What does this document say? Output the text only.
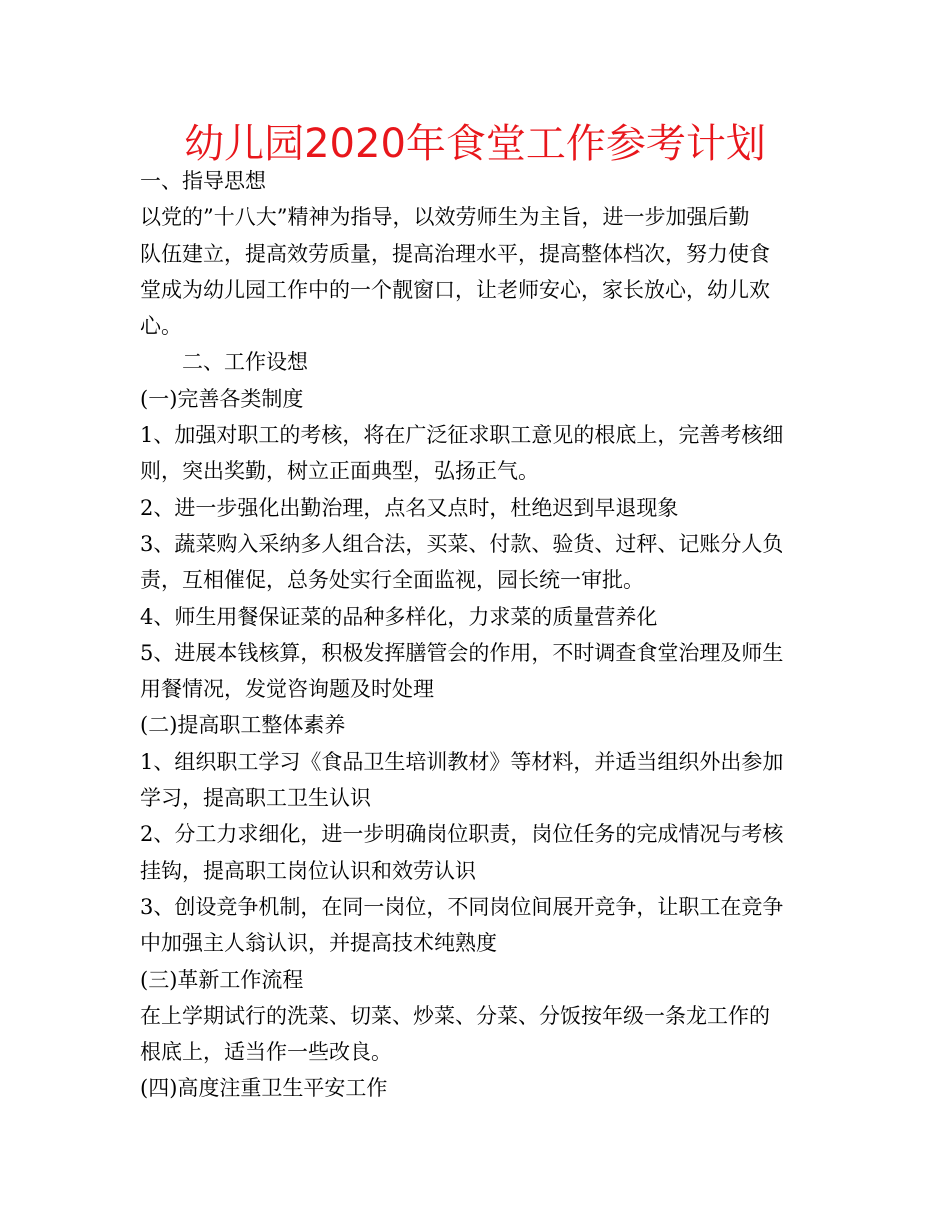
幼儿园2020年食堂工作参考计划
一、指导思想
以党的”十八大”精神为指导，以效劳师生为主旨，进一步加强后勤
队伍建立，提高效劳质量，提高治理水平，提高整体档次，努力使食
堂成为幼儿园工作中的一个靓窗口，让老师安心，家长放心，幼儿欢
心。
二、工作设想
(一)完善各类制度
1、加强对职工的考核，将在广泛征求职工意见的根底上，完善考核细
则，突出奖勤，树立正面典型，弘扬正气。
2、进一步强化出勤治理，点名又点时，杜绝迟到早退现象
3、蔬菜购入采纳多人组合法，买菜、付款、验货、过秤、记账分人负
责，互相催促，总务处实行全面监视，园长统一审批。
4、师生用餐保证菜的品种多样化，力求菜的质量营养化
5、进展本钱核算，积极发挥膳管会的作用，不时调查食堂治理及师生
用餐情况，发觉咨询题及时处理
(二)提高职工整体素养
1、组织职工学习《食品卫生培训教材》等材料，并适当组织外出参加
学习，提高职工卫生认识
2、分工力求细化，进一步明确岗位职责，岗位任务的完成情况与考核
挂钩，提高职工岗位认识和效劳认识
3、创设竞争机制，在同一岗位，不同岗位间展开竞争，让职工在竞争
中加强主人翁认识，并提高技术纯熟度
(三)革新工作流程
在上学期试行的洗菜、切菜、炒菜、分菜、分饭按年级一条龙工作的
根底上，适当作一些改良。
(四)高度注重卫生平安工作
